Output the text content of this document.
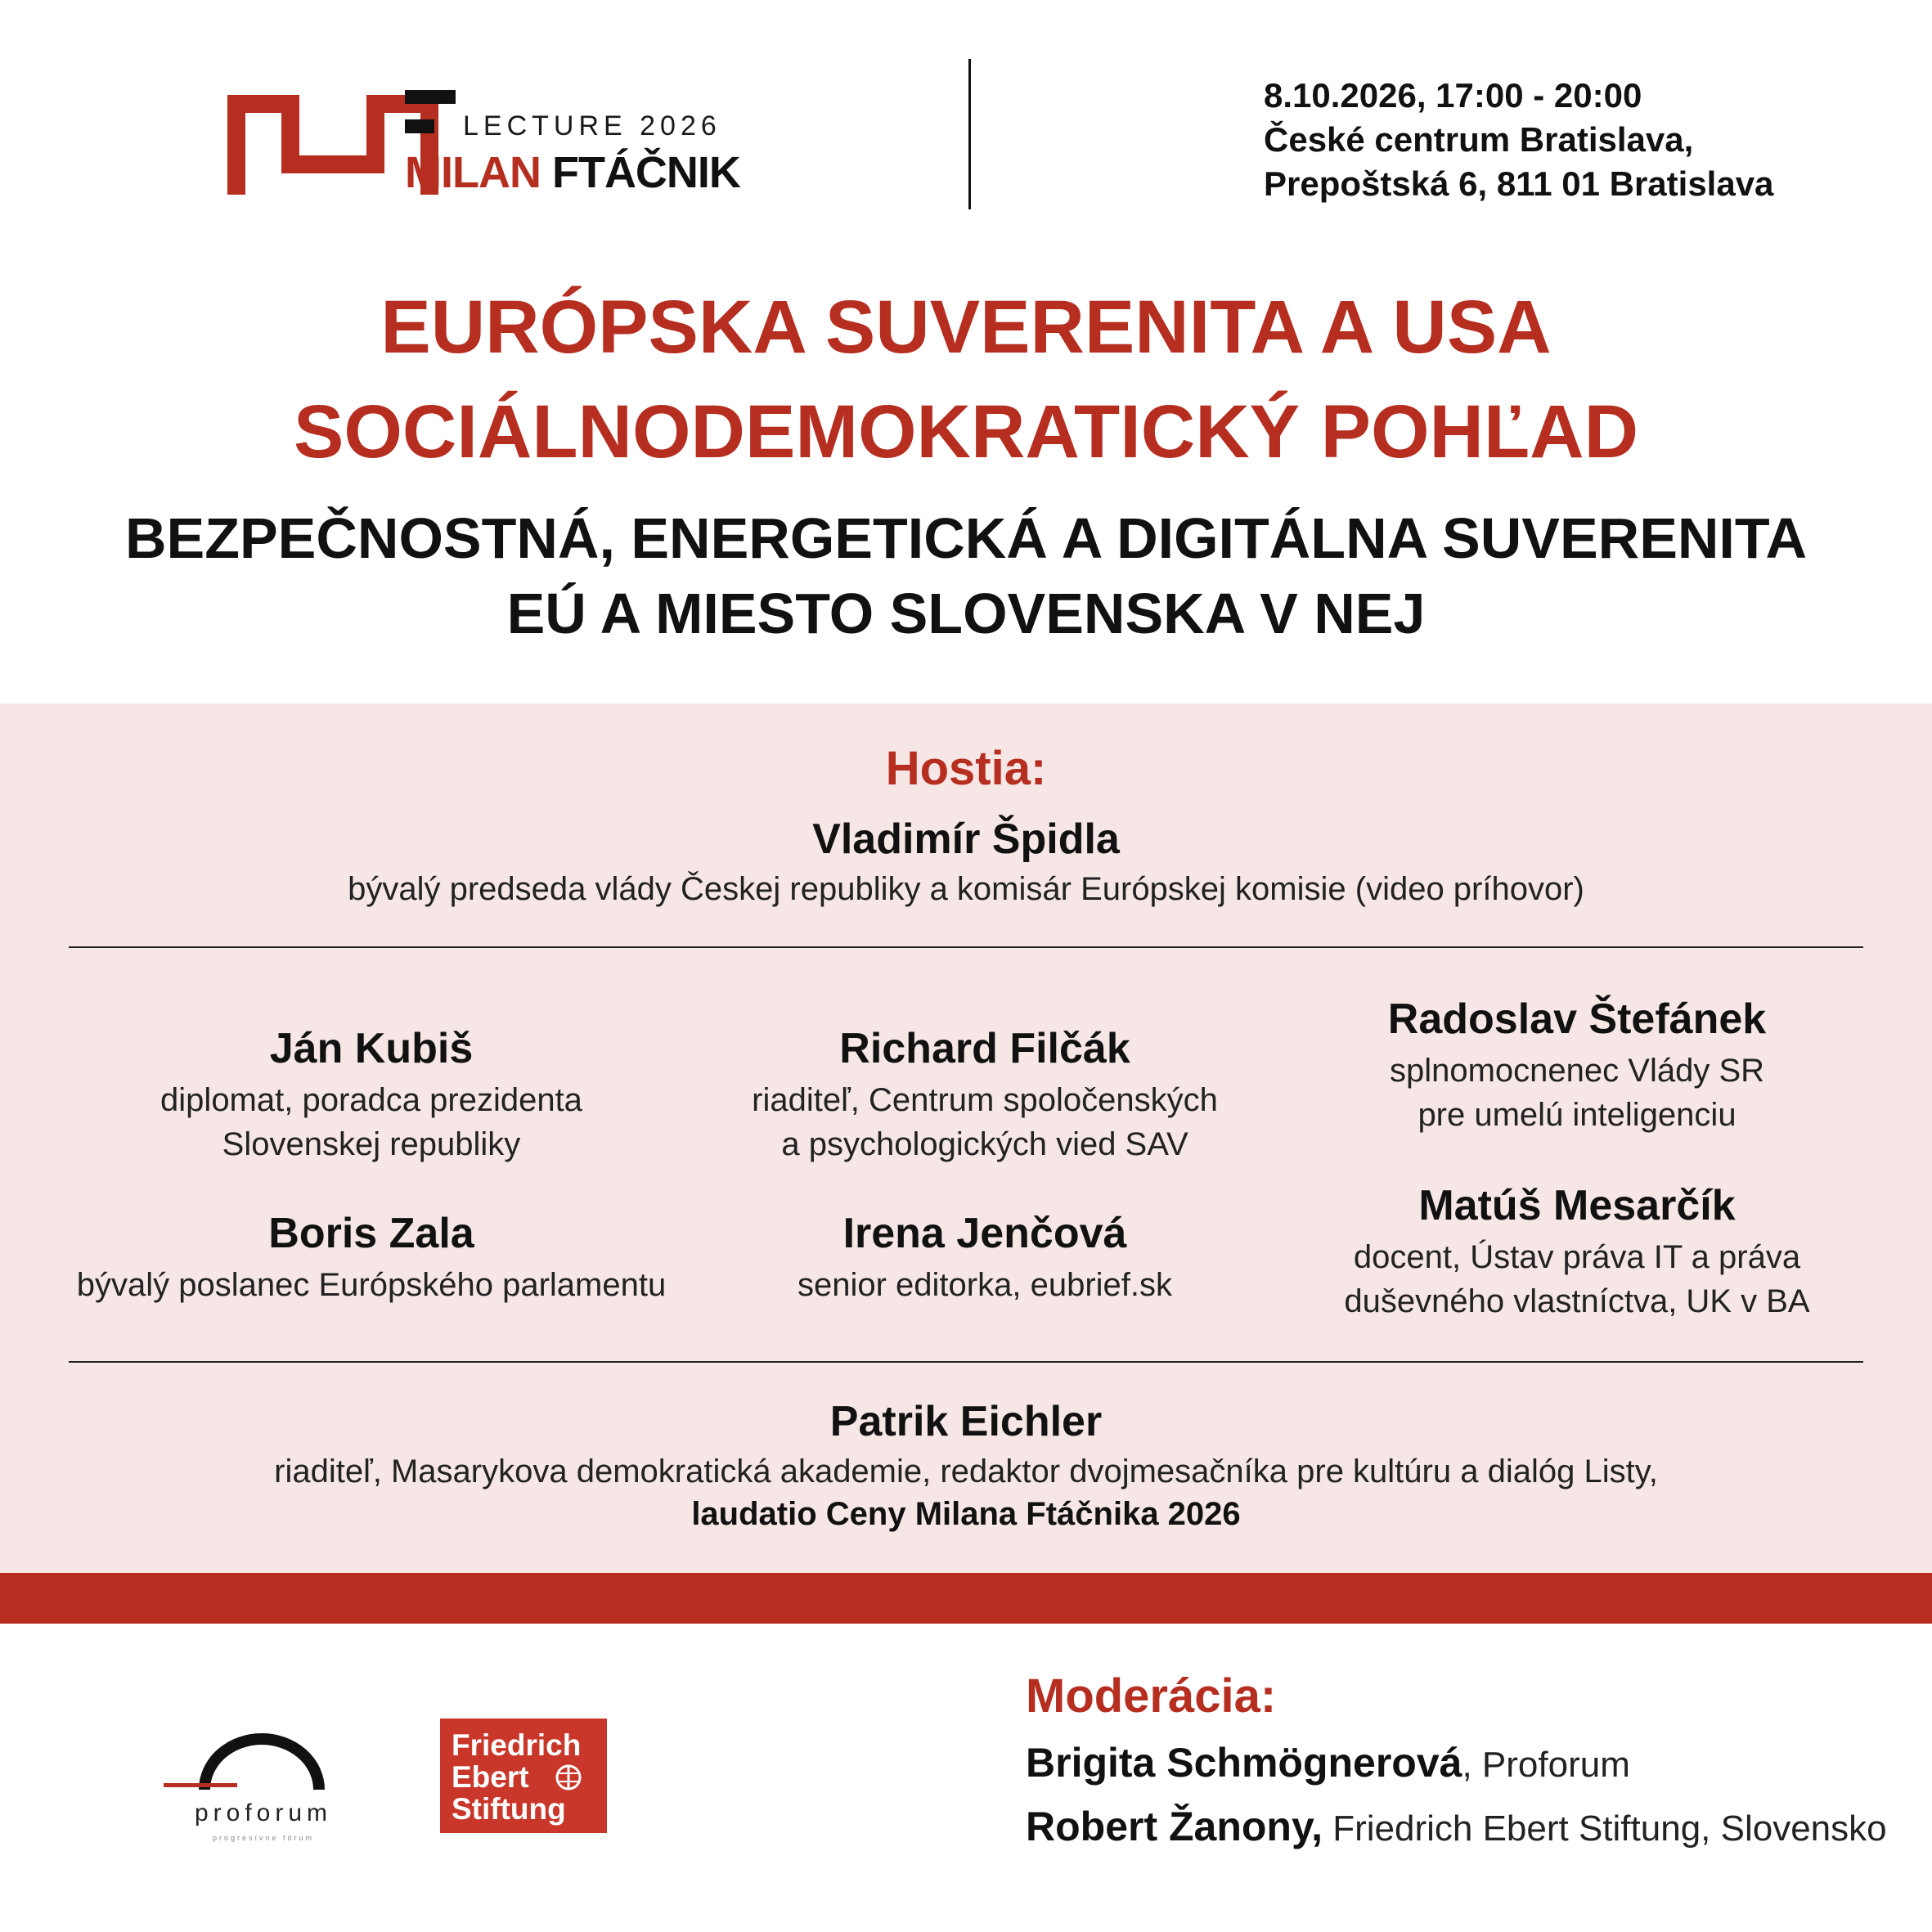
LECTURE 2026
MILAN FTÁČNIK
8.10.2026, 17:00 - 20:00
České centrum Bratislava,
Prepoštská 6, 811 01 Bratislava
EURÓPSKA SUVERENITA A USA
SOCIÁLNODEMOKRATICKÝ POHĽAD
BEZPEČNOSTNÁ, ENERGETICKÁ A DIGITÁLNA SUVERENITA
EÚ A MIESTO SLOVENSKA V NEJ
Hostia:
Vladimír Špidla
bývalý predseda vlády Českej republiky a komisár Európskej komisie (video príhovor)
Ján Kubiš
diplomat, poradca prezidenta
Slovenskej republiky
Richard Filčák
riaditeľ, Centrum spoločenských
a psychologických vied SAV
Radoslav Štefánek
splnomocnenec Vlády SR
pre umelú inteligenciu
Boris Zala
bývalý poslanec Európského parlamentu
Irena Jenčová
senior editorka, eubrief.sk
Matúš Mesarčík
docent, Ústav práva IT a práva
duševného vlastníctva, UK v BA
Patrik Eichler
riaditeľ, Masarykova demokratická akademie, redaktor dvojmesačníka pre kultúru a dialóg Listy,
laudatio Ceny Milana Ftáčnika 2026
proforum
progresívne fórum
Friedrich
Ebert
Stiftung
Moderácia:
Brigita Schmögnerová, Proforum
Robert Žanony, Friedrich Ebert Stiftung, Slovensko
